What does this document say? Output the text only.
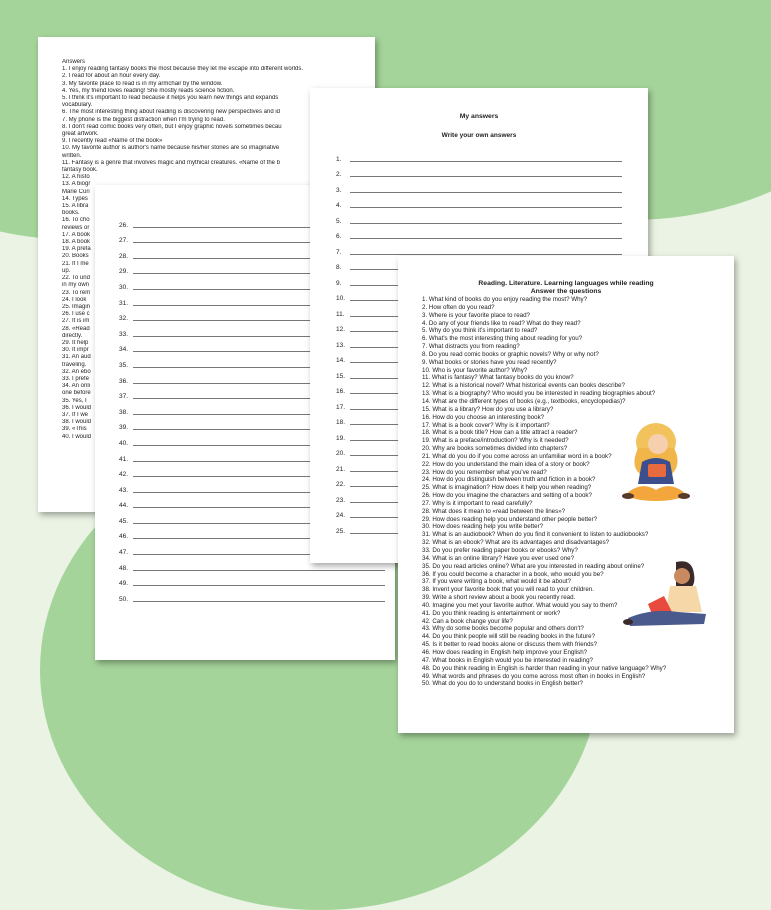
Answers
1. I enjoy reading fantasy books the most because they let me escape into different worlds.
2. I read for about an hour every day.
3. My favorite place to read is in my armchair by the window.
4. Yes, my friend loves reading! She mostly reads science fiction.
5. I think it's important to read because it helps you learn new things and expands
vocabulary.
6. The most interesting thing about reading is discovering new perspectives and id
7. My phone is the biggest distraction when I'm trying to read.
8. I don't read comic books very often, but I enjoy graphic novels sometimes becau
great artwork.
9. I recently read «Name of the book»
10. My favorite author is author's name because his/her stories are so imaginative
written.
11. Fantasy is a genre that involves magic and mythical creatures. «Name of the b
fantasy book.
12. A histo
13. A biogr
Marie Curi
14. Types
15. A libra
books.
16. To cho
reviews or
17. A book
18. A book
19. A prefa
20. Books
21. If I me
up.
22. To und
in my own
23. To rem
24. I look
25. Imagin
26. I use c
27. It is im
28. «Read
directly.
29. It help
30. It impr
31. An aud
traveling.
32. An ebo
33. I prefe
34. An onli
one before
35. Yes, I
36. I would
37. If I we
38. I would
39. «This
40. I would
26.
27.
28.
29.
30.
31.
32.
33.
34.
35.
36.
37.
38.
39.
40.
41.
42.
43.
44.
45.
46.
47.
48.
49.
50.
My answers
Write your own answers
1.
2.
3.
4.
5.
6.
7.
8.
9.
10.
11.
12.
13.
14.
15.
16.
17.
18.
19.
20.
21.
22.
23.
24.
25.
Reading. Literature. Learning languages while reading
Answer the questions
1. What kind of books do you enjoy reading the most? Why?
2. How often do you read?
3. Where is your favorite place to read?
4. Do any of your friends like to read? What do they read?
5. Why do you think it's important to read?
6. What's the most interesting thing about reading for you?
7. What distracts you from reading?
8. Do you read comic books or graphic novels? Why or why not?
9. What books or stories have you read recently?
10. Who is your favorite author? Why?
11. What is fantasy? What fantasy books do you know?
12. What is a historical novel? What historical events can books describe?
13. What is a biography? Who would you be interested in reading biographies about?
14. What are the different types of books (e.g., textbooks, encyclopedias)?
15. What is a library? How do you use a library?
16. How do you choose an interesting book?
17. What is a book cover? Why is it important?
18. What is a book title? How can a title attract a reader?
19. What is a preface/introduction? Why is it needed?
20. Why are books sometimes divided into chapters?
21. What do you do if you come across an unfamiliar word in a book?
22. How do you understand the main idea of a story or book?
23. How do you remember what you've read?
24. How do you distinguish between truth and fiction in a book?
25. What is imagination? How does it help you when reading?
26. How do you imagine the characters and setting of a book?
27. Why is it important to read carefully?
28. What does it mean to «read between the lines»?
29. How does reading help you understand other people better?
30. How does reading help you write better?
31. What is an audiobook? When do you find it convenient to listen to audiobooks?
32. What is an ebook? What are its advantages and disadvantages?
33. Do you prefer reading paper books or ebooks? Why?
34. What is an online library? Have you ever used one?
35. Do you read articles online? What are you interested in reading about online?
36. If you could become a character in a book, who would you be?
37. If you were writing a book, what would it be about?
38. Invent your favorite book that you will read to your children.
39. Write a short review about a book you recently read.
40. Imagine you met your favorite author. What would you say to them?
41. Do you think reading is entertainment or work?
42. Can a book change your life?
43. Why do some books become popular and others don't?
44. Do you think people will still be reading books in the future?
45. Is it better to read books alone or discuss them with friends?
46. How does reading in English help improve your English?
47. What books in English would you be interested in reading?
48. Do you think reading in English is harder than reading in your native language? Why?
49. What words and phrases do you come across most often in books in English?
50. What do you do to understand books in English better?
